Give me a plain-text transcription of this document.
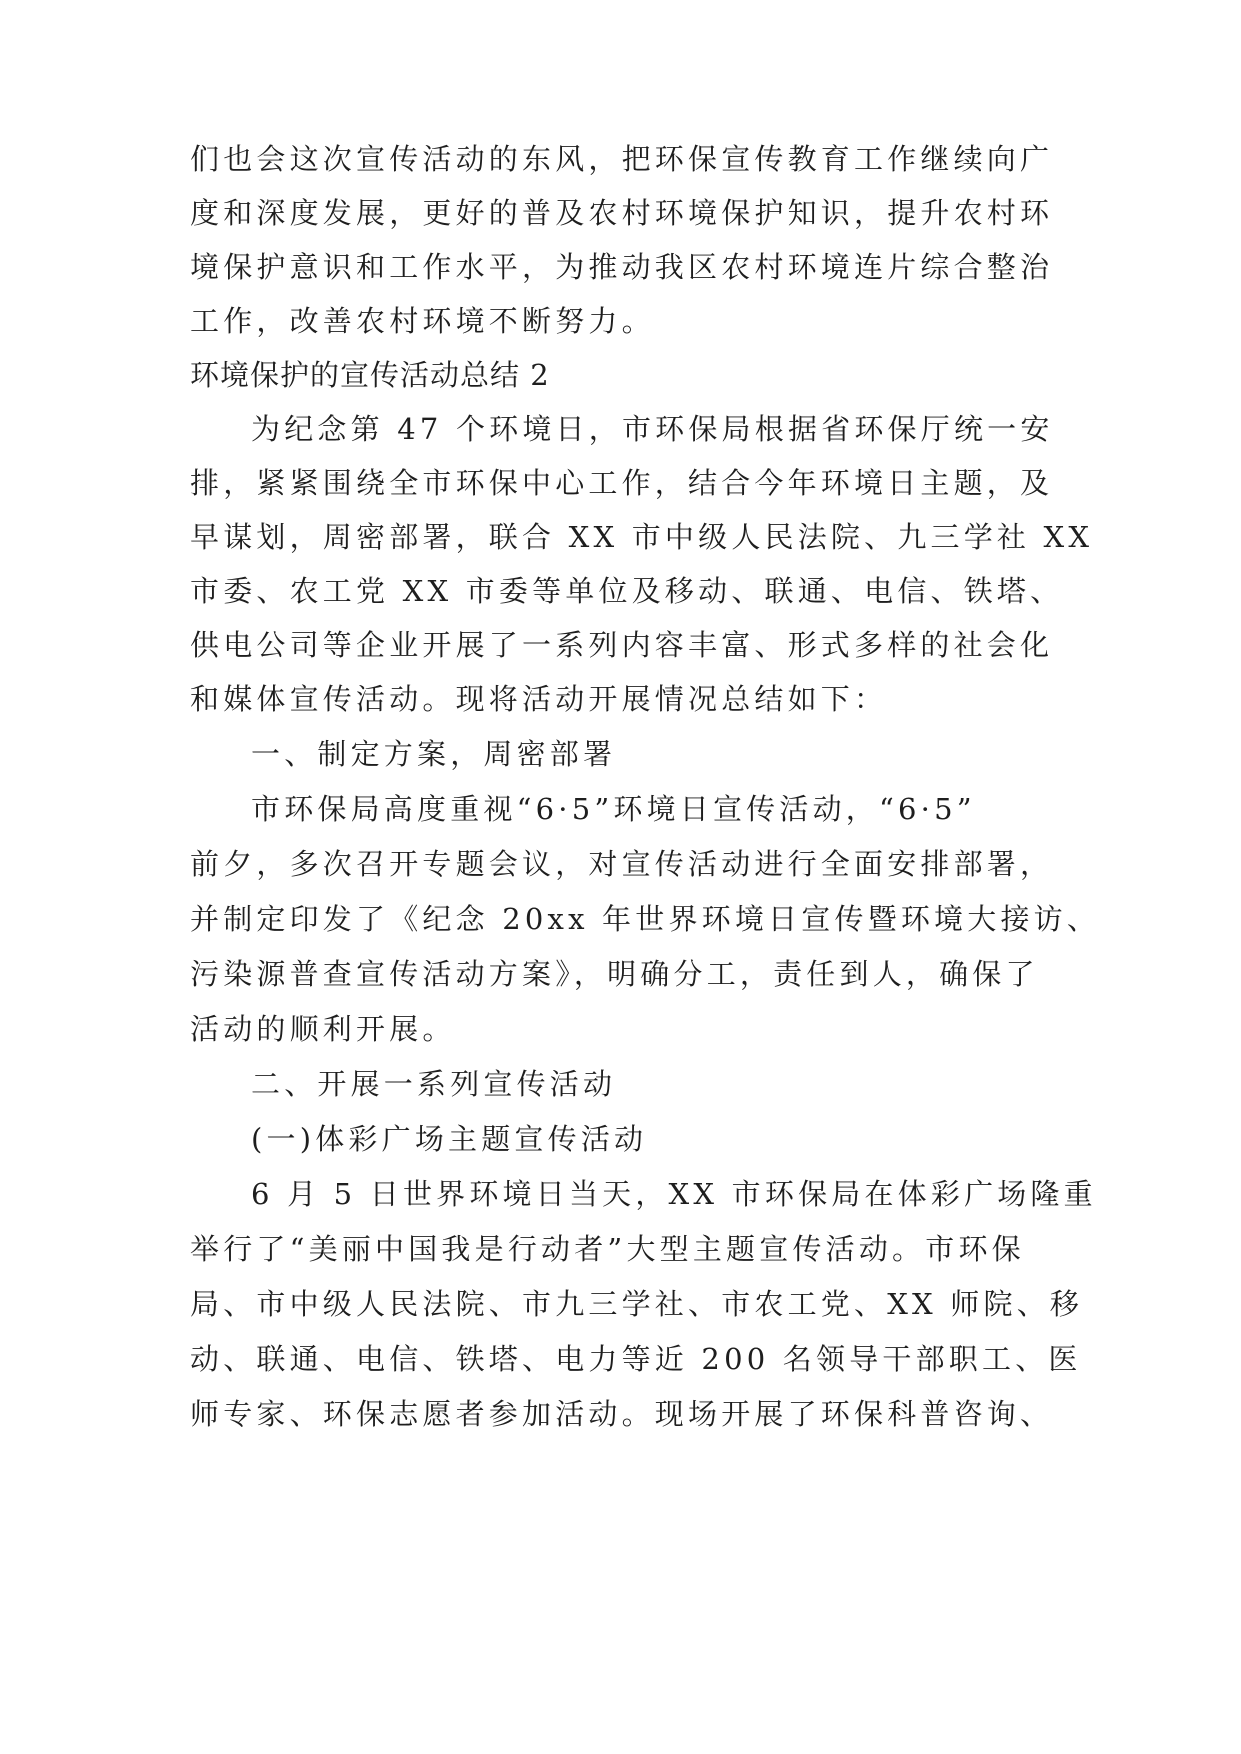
们也会这次宣传活动的东风，把环保宣传教育工作继续向广
度和深度发展，更好的普及农村环境保护知识，提升农村环
境保护意识和工作水平，为推动我区农村环境连片综合整治
工作，改善农村环境不断努力。
环境保护的宣传活动总结 2
为纪念第 47 个环境日，市环保局根据省环保厅统一安
排，紧紧围绕全市环保中心工作，结合今年环境日主题，及
早谋划，周密部署，联合 XX 市中级人民法院、九三学社 XX
市委、农工党 XX 市委等单位及移动、联通、电信、铁塔、
供电公司等企业开展了一系列内容丰富、形式多样的社会化
和媒体宣传活动。现将活动开展情况总结如下：
一、制定方案，周密部署
市环保局高度重视“6·5”环境日宣传活动，“6·5”
前夕，多次召开专题会议，对宣传活动进行全面安排部署，
并制定印发了《纪念 20xx 年世界环境日宣传暨环境大接访、
污染源普查宣传活动方案》，明确分工，责任到人，确保了
活动的顺利开展。
二、开展一系列宣传活动
(一)体彩广场主题宣传活动
6 月 5 日世界环境日当天，XX 市环保局在体彩广场隆重
举行了“美丽中国我是行动者”大型主题宣传活动。市环保
局、市中级人民法院、市九三学社、市农工党、XX 师院、移
动、联通、电信、铁塔、电力等近 200 名领导干部职工、医
师专家、环保志愿者参加活动。现场开展了环保科普咨询、
